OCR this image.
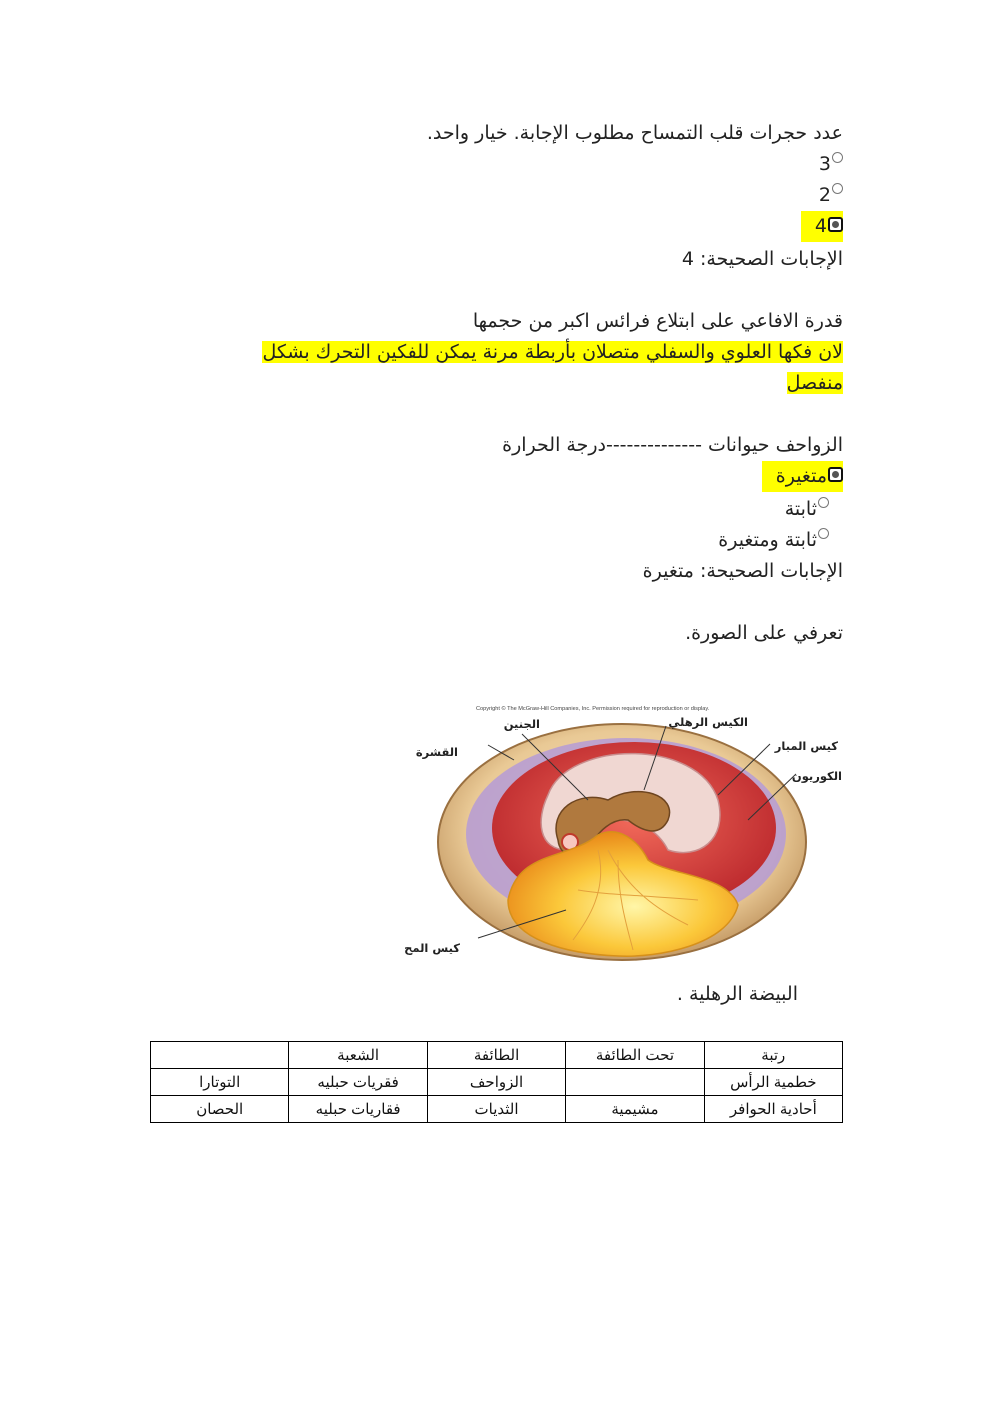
عدد حجرات قلب التمساح مطلوب الإجابة. خيار واحد.
3
2
4
الإجابات الصحيحة: 4
قدرة الافاعي على ابتلاع فرائس اكبر من حجمها
لان فكها العلوي والسفلي متصلان بأربطة مرنة يمكن للفكين التحرك بشكل
منفصل
الزواحف حيوانات --------------درجة الحرارة
متغيرة
ثابتة
ثابتة ومتغيرة
الإجابات الصحيحة: متغيرة
تعرفي على الصورة.
Copyright © The McGraw-Hill Companies, Inc. Permission required for reproduction or display.
الجنين	الكيس الرهلي
القشرة	كيس المبار
الكوريون
كيس المح
البيضة الرهلية .
رتبة	تحت الطائفة	الطائفة	الشعبة	
خطمية الرأس		الزواحف	فقريات حبليه	التوتارا
أحادية الحوافر	مشيمية	الثديات	فقاريات حبليه	الحصان
